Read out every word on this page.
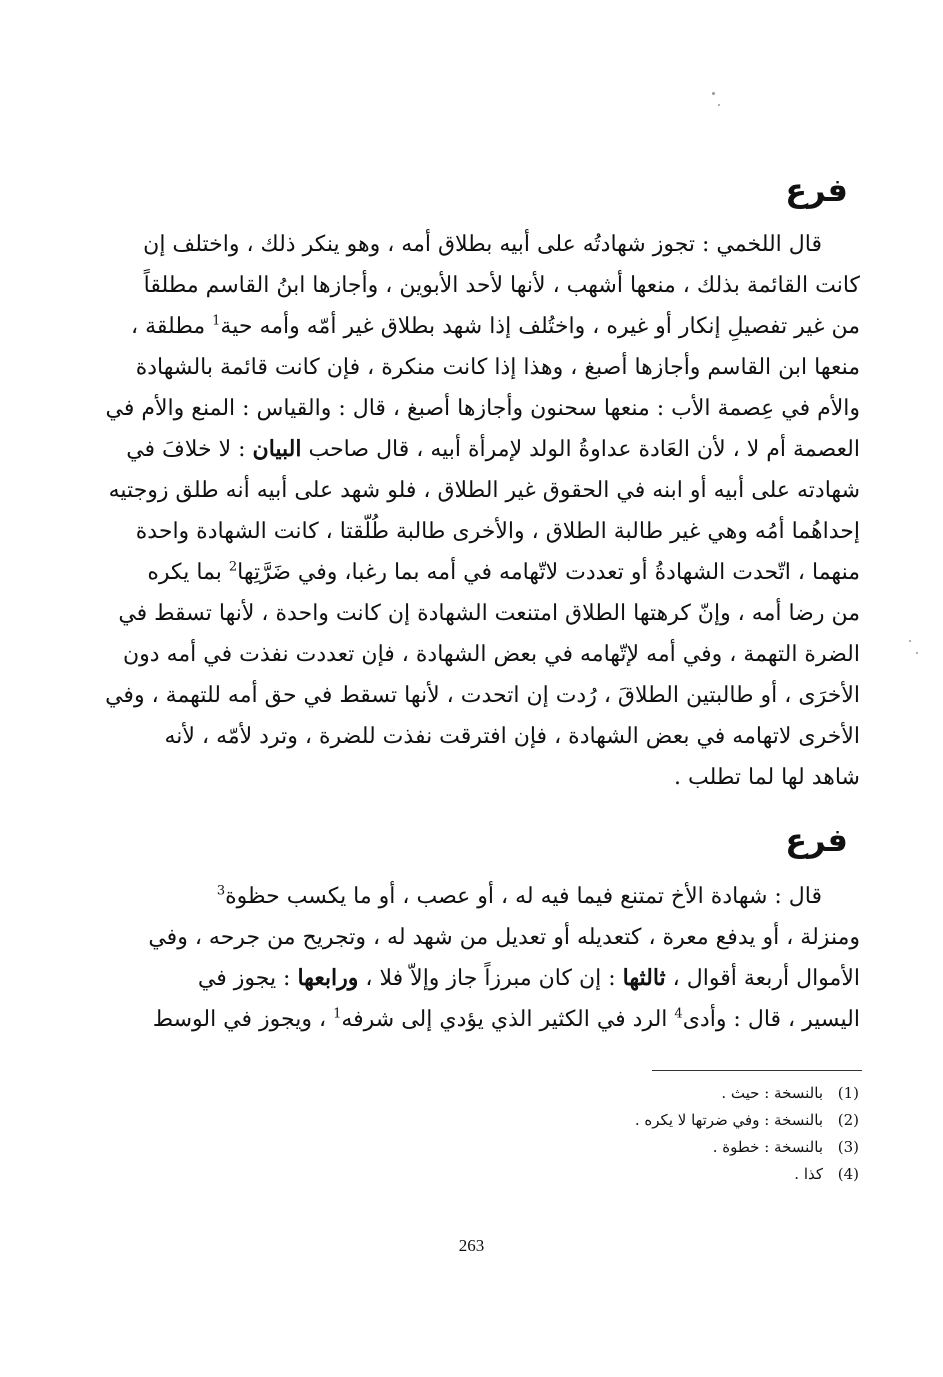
فرع
قال اللخمي : تجوز شهادتُه على أبيه بطلاق أمه ، وهو ينكر ذلك ، واختلف إن
كانت القائمة بذلك ، منعها أشهب ، لأنها لأحد الأبوين ، وأجازها ابنُ القاسم مطلقاً
من غير تفصيلِ إنكار أو غيره ، واختُلف إذا شهد بطلاق غير أمّه وأمه حية$^1$ مطلقة ،
منعها ابن القاسم وأجازها أصبغ ، وهذا إذا كانت منكرة ، فإن كانت قائمة بالشهادة
والأم في عِصمة الأب : منعها سحنون وأجازها أصبغ ، قال : والقياس : المنع والأم في
العصمة أم لا ، لأن العَادة عداوةُ الولد لإمرأة أبيه ، قال صاحب البيان : لا خلافَ في
شهادته على أبيه أو ابنه في الحقوق غير الطلاق ، فلو شهد على أبيه أنه طلق زوجتيه
إحداهُما أمُه وهي غير طالبة الطلاق ، والأخرى طالبة طُلّقتا ، كانت الشهادة واحدة
منهما ، اتّحدت الشهادةُ أو تعددت لاتّهامه في أمه بما رغبا، وفي ضَرَّتِها$^2$ بما يكره
من رضا أمه ، وإنّ كرهتها الطلاق امتنعت الشهادة إن كانت واحدة ، لأنها تسقط في
الضرة التهمة ، وفي أمه لإتّهامه في بعض الشهادة ، فإن تعددت نفذت في أمه دون
الأخرَى ، أو طالبتين الطلاقَ ، رُدت إن اتحدت ، لأنها تسقط في حق أمه للتهمة ، وفي
الأخرى لاتهامه في بعض الشهادة ، فإن افترقت نفذت للضرة ، وترد لأمّه ، لأنه
شاهد لها لما تطلب .
فرع
قال : شهادة الأخ تمتنع فيما فيه له ، أو عصب ، أو ما يكسب حظوة$^3$
ومنزلة ، أو يدفع معرة ، كتعديله أو تعديل من شهد له ، وتجريح من جرحه ، وفي
الأموال أربعة أقوال ، ثالثها : إن كان مبرزاً جاز وإلاّ فلا ، ورابعها : يجوز في
اليسير ، قال : وأدى$^4$ الرد في الكثير الذي يؤدي إلى شرفه$^1$ ، ويجوز في الوسط
(1)بالنسخة : حيث .
(2)بالنسخة : وفي ضرتها لا يكره .
(3)بالنسخة : خطوة .
(4)كذا .
263
